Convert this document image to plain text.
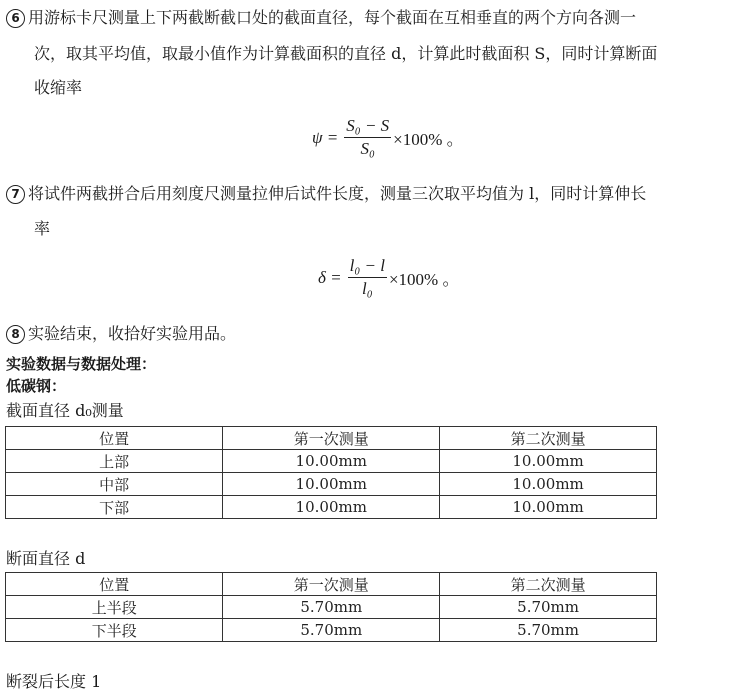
6 用游标卡尺测量上下两截断截口处的截面直径，每个截面在互相垂直的两个方向各测一
次，取其平均值，取最小值作为计算截面积的直径 d，计算此时截面积 S，同时计算断面
收缩率
$\psi = \frac{\text{S₀ − S}}{\text{S₀}} \times 100\%$ 。
7 将试件两截拼合后用刻度尺测量拉伸后试件长度，测量三次取平均值为 l，同时计算伸长
率
$\delta = \frac{\text{l₀ − l}}{\text{l₀}} \times 100\%$ 。
8 实验结束，收拾好实验用品。
实验数据与数据处理：
低碳钢：
截面直径 d₀测量
位置	第一次测量	第二次测量
上部	10.00mm	10.00mm
中部	10.00mm	10.00mm
下部	10.00mm	10.00mm
断面直径 d
位置	第一次测量	第二次测量
上半段	5.70mm	5.70mm
下半段	5.70mm	5.70mm
断裂后长度 1
